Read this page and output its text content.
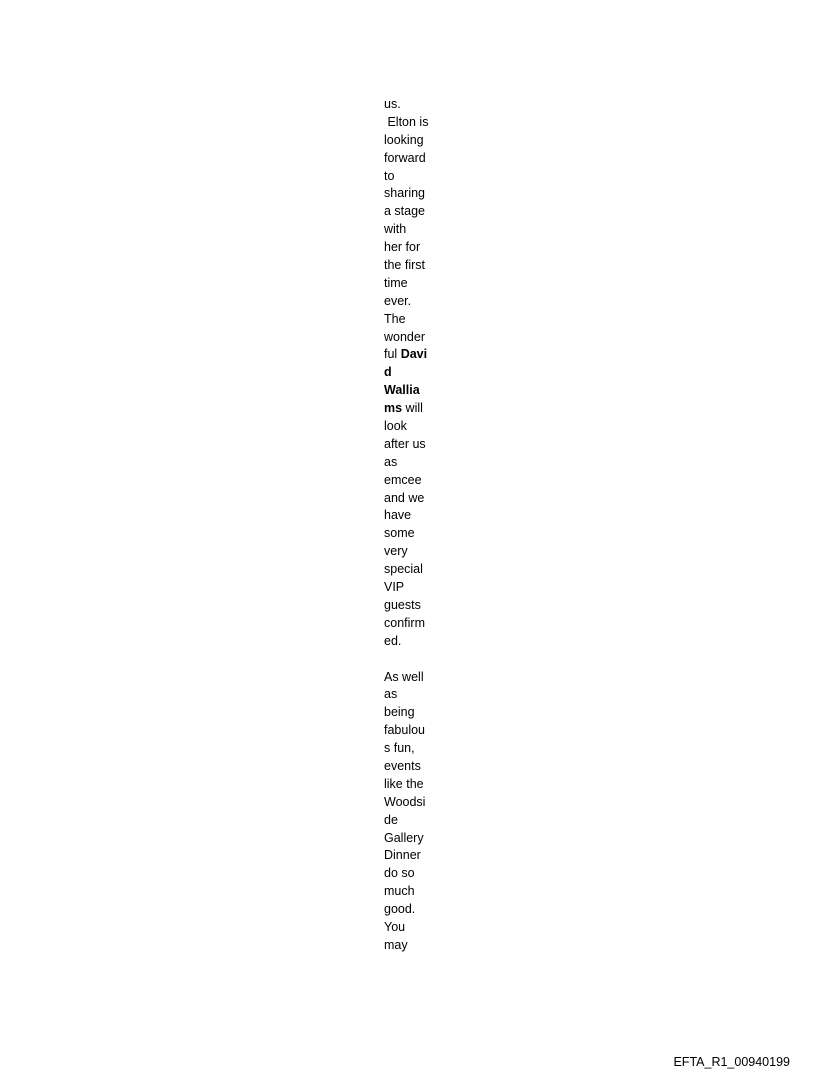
us.
Elton is
looking
forward
to
sharing
a stage
with
her for
the first
time
ever.
The
wonder
ful Davi
d
Wallia
ms will
look
after us
as
emcee
and we
have
some
very
special
VIP
guests
confirm
ed.
As well
as
being
fabulou
s fun,
events
like the
Woodsi
de
Gallery
Dinner
do so
much
good.
You
may
EFTA_R1_00940199
